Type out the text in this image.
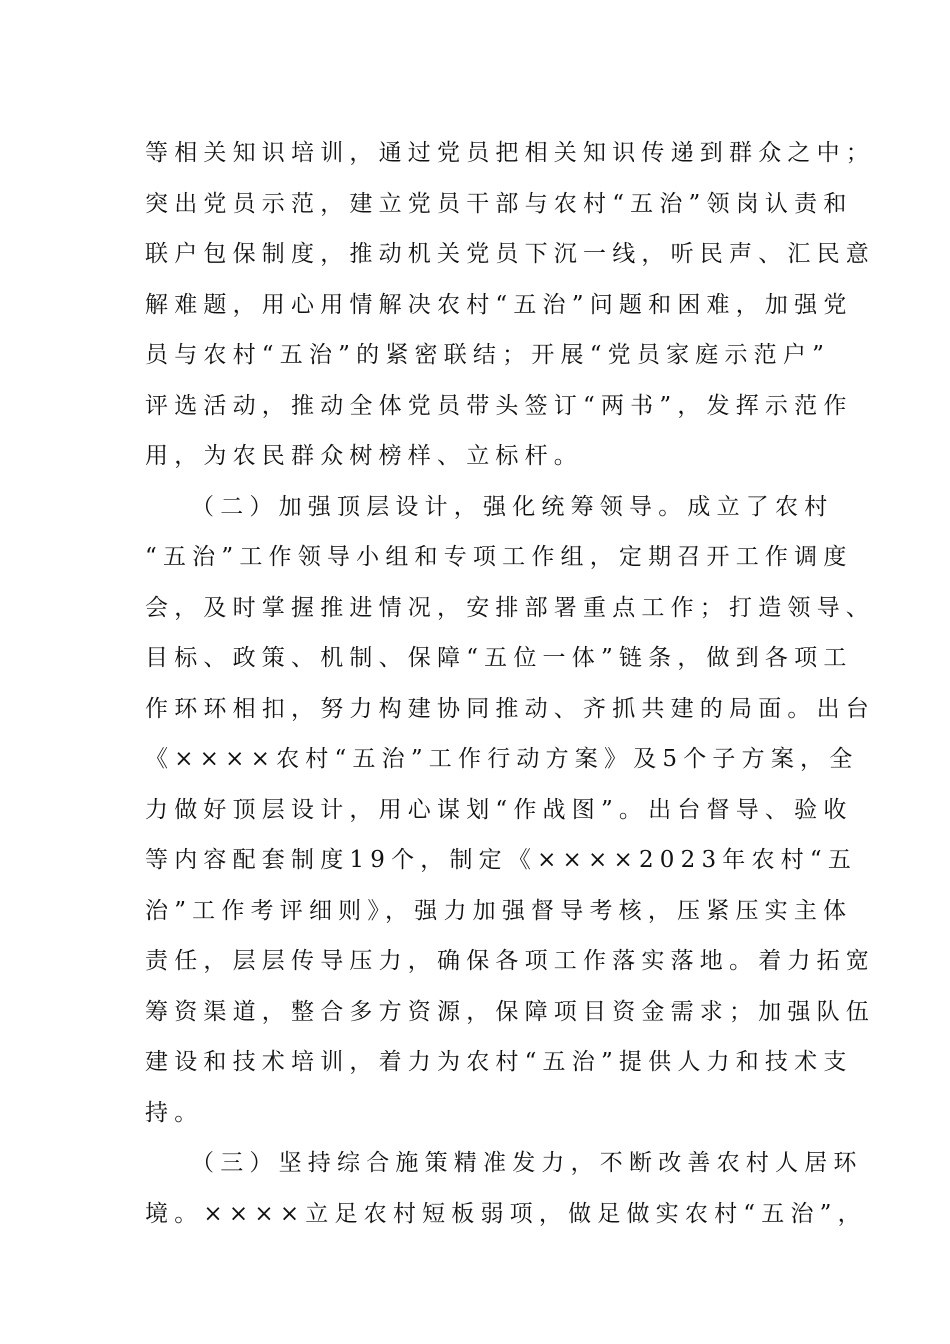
等相关知识培训，通过党员把相关知识传递到群众之中；
突出党员示范，建立党员干部与农村“五治”领岗认责和
联户包保制度，推动机关党员下沉一线，听民声、汇民意
解难题，用心用情解决农村“五治”问题和困难，加强党
员与农村“五治”的紧密联结；开展“党员家庭示范户”
评选活动，推动全体党员带头签订“两书”，发挥示范作
用，为农民群众树榜样、立标杆。
（二）加强顶层设计，强化统筹领导。成立了农村
“五治”工作领导小组和专项工作组，定期召开工作调度
会，及时掌握推进情况，安排部署重点工作；打造领导、
目标、政策、机制、保障“五位一体”链条，做到各项工
作环环相扣，努力构建协同推动、齐抓共建的局面。出台
《××××农村“五治”工作行动方案》及5个子方案，全
力做好顶层设计，用心谋划“作战图”。出台督导、验收
等内容配套制度19个，制定《××××2023年农村“五
治”工作考评细则》，强力加强督导考核，压紧压实主体
责任，层层传导压力，确保各项工作落实落地。着力拓宽
筹资渠道，整合多方资源，保障项目资金需求；加强队伍
建设和技术培训，着力为农村“五治”提供人力和技术支
持。
（三）坚持综合施策精准发力，不断改善农村人居环
境。××××立足农村短板弱项，做足做实农村“五治”，
